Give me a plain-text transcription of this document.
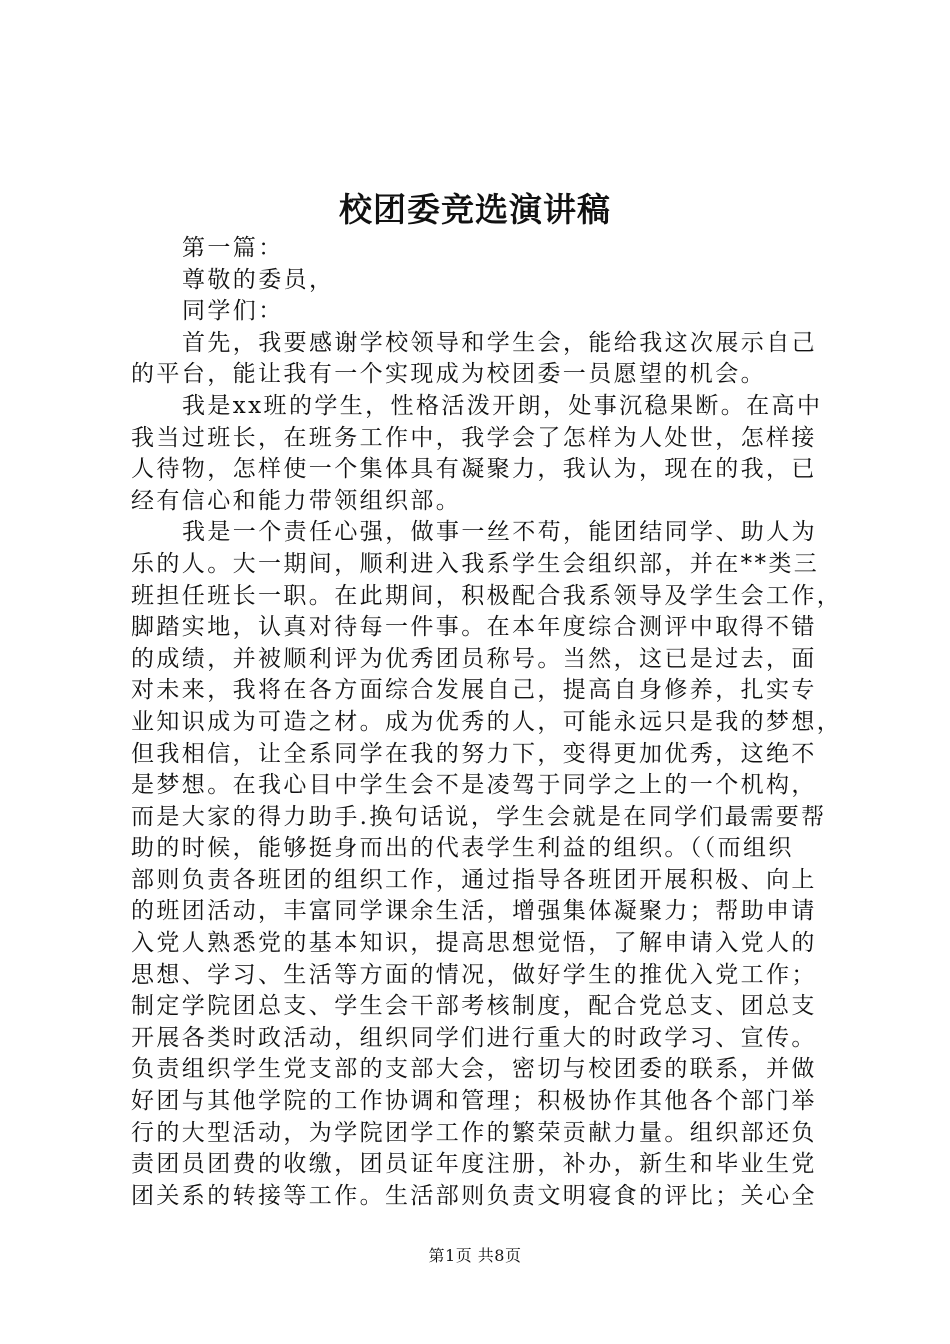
校团委竞选演讲稿
第一篇：
尊敬的委员，
同学们：
首先，我要感谢学校领导和学生会，能给我这次展示自己
的平台，能让我有一个实现成为校团委一员愿望的机会。
我是xx班的学生，性格活泼开朗，处事沉稳果断。在高中
我当过班长，在班务工作中，我学会了怎样为人处世，怎样接
人待物，怎样使一个集体具有凝聚力，我认为，现在的我，已
经有信心和能力带领组织部。
我是一个责任心强，做事一丝不苟，能团结同学、助人为
乐的人。大一期间，顺利进入我系学生会组织部，并在**类三
班担任班长一职。在此期间，积极配合我系领导及学生会工作，
脚踏实地，认真对待每一件事。在本年度综合测评中取得不错
的成绩，并被顺利评为优秀团员称号。当然，这已是过去，面
对未来，我将在各方面综合发展自己，提高自身修养，扎实专
业知识成为可造之材。成为优秀的人，可能永远只是我的梦想，
但我相信，让全系同学在我的努力下，变得更加优秀，这绝不
是梦想。在我心目中学生会不是凌驾于同学之上的一个机构，
而是大家的得力助手.换句话说，学生会就是在同学们最需要帮
助的时候，能够挺身而出的代表学生利益的组织。（（而组织
部则负责各班团的组织工作，通过指导各班团开展积极、向上
的班团活动，丰富同学课余生活，增强集体凝聚力；帮助申请
入党人熟悉党的基本知识，提高思想觉悟，了解申请入党人的
思想、学习、生活等方面的情况，做好学生的推优入党工作；
制定学院团总支、学生会干部考核制度，配合党总支、团总支
开展各类时政活动，组织同学们进行重大的时政学习、宣传。
负责组织学生党支部的支部大会，密切与校团委的联系，并做
好团与其他学院的工作协调和管理；积极协作其他各个部门举
行的大型活动，为学院团学工作的繁荣贡献力量。组织部还负
责团员团费的收缴，团员证年度注册，补办，新生和毕业生党
团关系的转接等工作。生活部则负责文明寝食的评比；关心全
第1页 共8页
